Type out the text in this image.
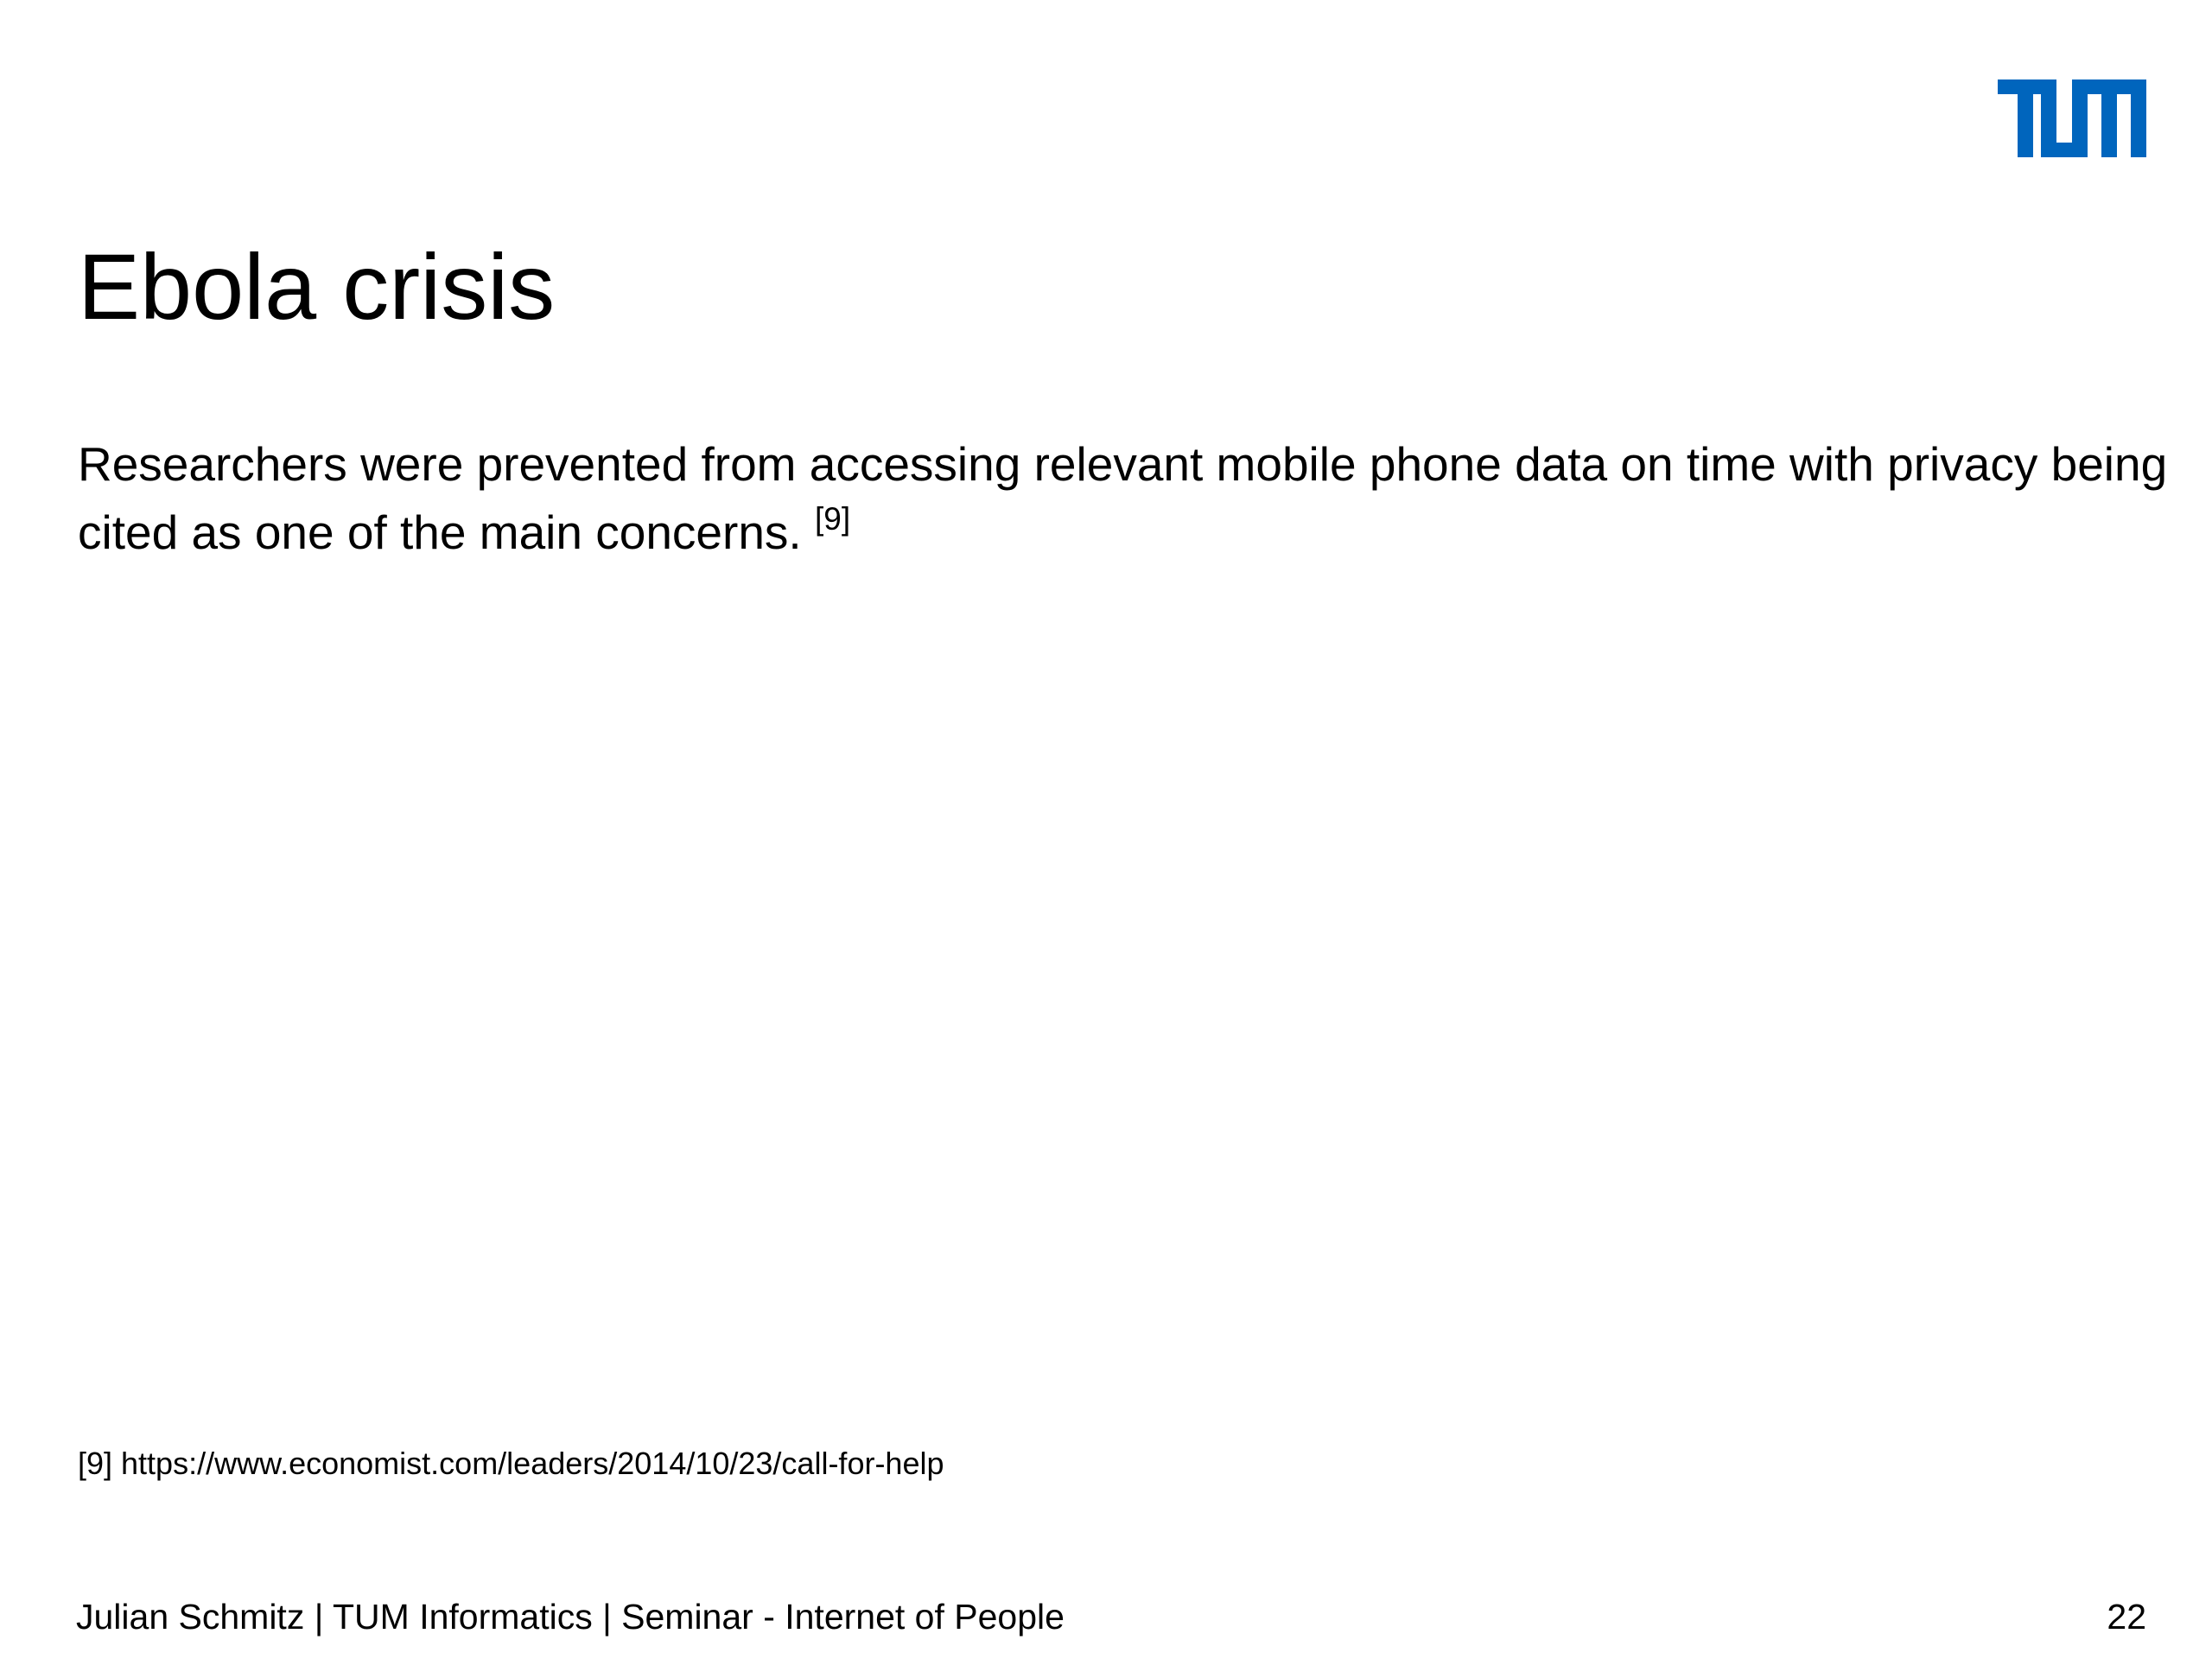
Ebola crisis

Researchers were prevented from accessing relevant mobile phone data on time with privacy being cited as one of the main concerns. [9]

[9] https://www.economist.com/leaders/2014/10/23/call-for-help
Julian Schmitz | TUM Informatics | Seminar - Internet of People	22
